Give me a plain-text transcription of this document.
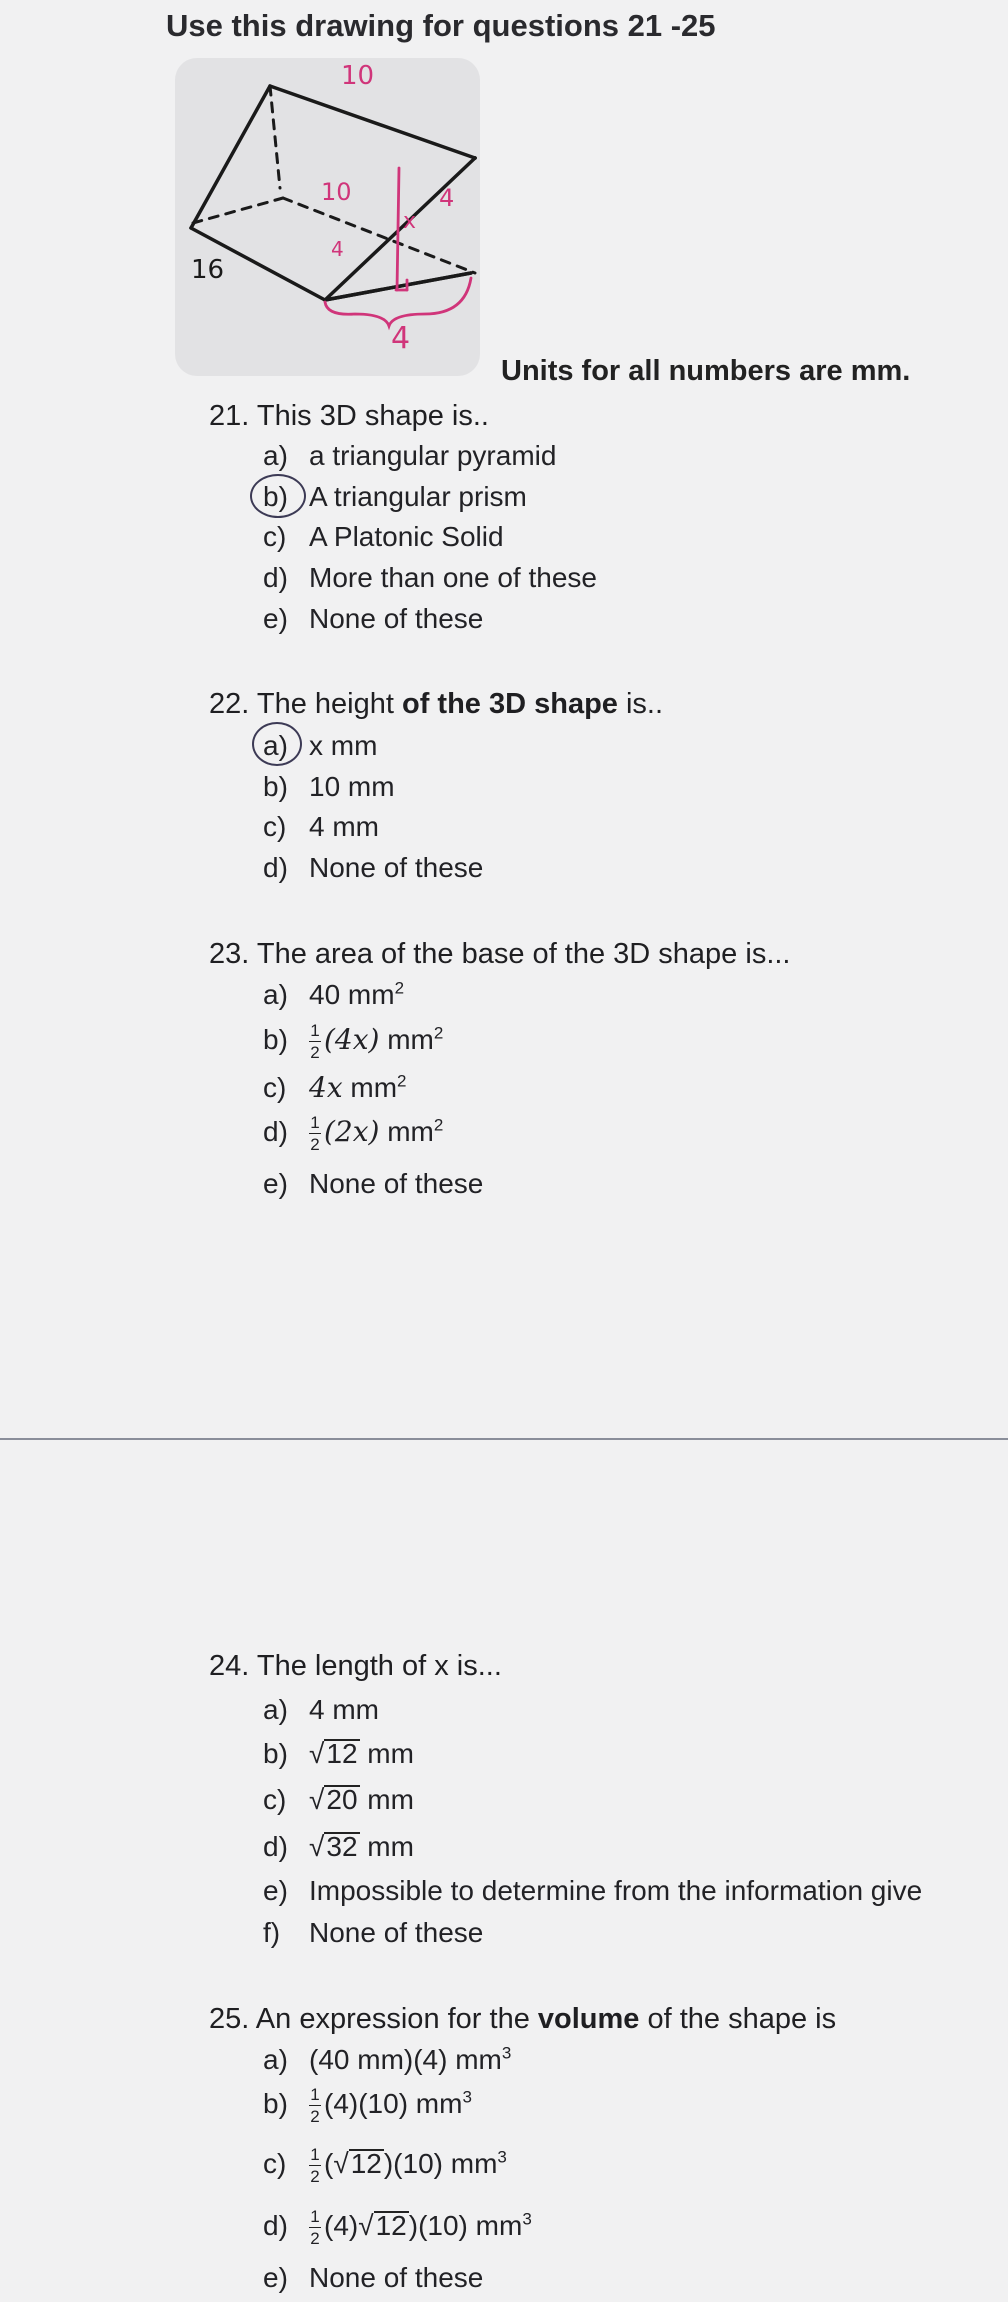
Use this drawing for questions 21 -25
10
10	4
x
4
16
4
Units for all numbers are mm.
21. This 3D shape is..
a) a triangular pyramid
b) A triangular prism
c) A Platonic Solid
d) More than one of these
e) None of these
22. The height of the 3D shape is..
a) x mm
b) 10 mm
c) 4 mm
d) None of these
23. The area of the base of the 3D shape is...
a) 40 $mm^2$
$b) \frac{1}{2} (4x)$ $mm^2$
c) 4x $mm^2$
$d) \frac{1}{2} (2x)$ $mm^2$
e) None of these
24. The length of x is...
a) 4 mm
b) √12 mm
c) √20 mm
d) √32 mm
e) Impossible to determine from the information give
f) None of these
25. An expression for the volume of the shape is
a) (40 mm)(4) $mm^3$
$b) \frac{1}{2} (4)(10)$ $mm^3$
$c) \frac{1}{2} (√12)(10)$ $mm^3$
$d) \frac{1}{2} (4)√12)(10)$ $mm^3$
e) None of these
